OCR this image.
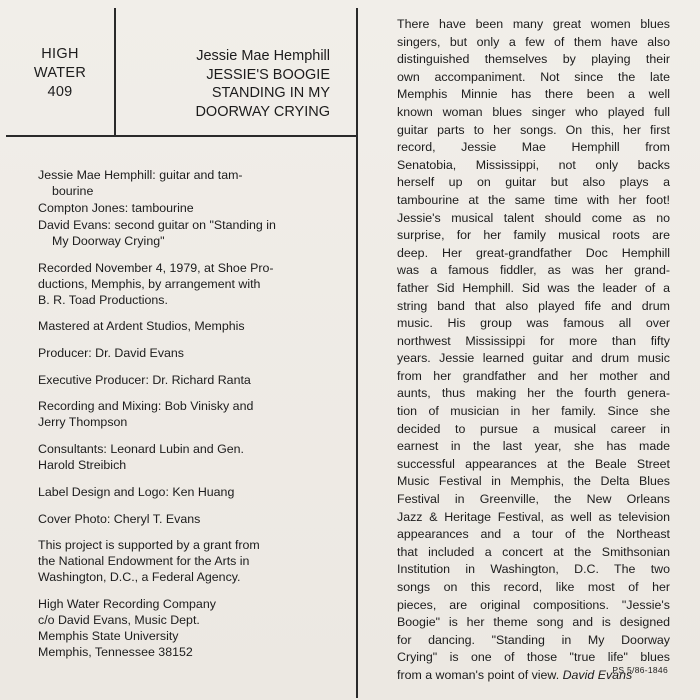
HIGH
WATER
409
Jessie Mae Hemphill
JESSIE'S BOOGIE
STANDING IN MY
DOORWAY CRYING

Jessie Mae Hemphill: guitar and tam-
bourine

Compton Jones: tambourine

David Evans: second guitar on "Standing in
My Doorway Crying"

Recorded November 4, 1979, at Shoe Pro-
ductions, Memphis, by arrangement with
B. R. Toad Productions.

Mastered at Ardent Studios, Memphis

Producer: Dr. David Evans

Executive Producer: Dr. Richard Ranta

Recording and Mixing: Bob Vinisky and
Jerry Thompson

Consultants: Leonard Lubin and Gen.
Harold Streibich

Label Design and Logo: Ken Huang

Cover Photo: Cheryl T. Evans

This project is supported by a grant from
the National Endowment for the Arts in
Washington, D.C., a Federal Agency.

High Water Recording Company
c/o David Evans, Music Dept.
Memphis State University
Memphis, Tennessee 38152

There have been many great women blues
singers, but only a few of them have also
distinguished themselves by playing their
own accompaniment. Not since the late
Memphis Minnie has there been a well
known woman blues singer who played full
guitar parts to her songs. On this, her first
record, Jessie Mae Hemphill from
Senatobia, Mississippi, not only backs
herself up on guitar but also plays a
tambourine at the same time with her foot!
Jessie's musical talent should come as no
surprise, for her family musical roots are
deep. Her great-grandfather Doc Hemphill
was a famous fiddler, as was her grand-
father Sid Hemphill. Sid was the leader of a
string band that also played fife and drum
music. His group was famous all over
northwest Mississippi for more than fifty
years. Jessie learned guitar and drum music
from her grandfather and her mother and
aunts, thus making her the fourth genera-
tion of musician in her family. Since she
decided to pursue a musical career in
earnest in the last year, she has made
successful appearances at the Beale Street
Music Festival in Memphis, the Delta Blues
Festival in Greenville, the New Orleans
Jazz & Heritage Festival, as well as television
appearances and a tour of the Northeast
that included a concert at the Smithsonian
Institution in Washington, D.C. The two
songs on this record, like most of her
pieces, are original compositions. "Jessie's
Boogie" is her theme song and is designed
for dancing. "Standing in My Doorway
Crying" is one of those "true life" blues
from a woman's point of view. David Evans
PS 5/86-1846
